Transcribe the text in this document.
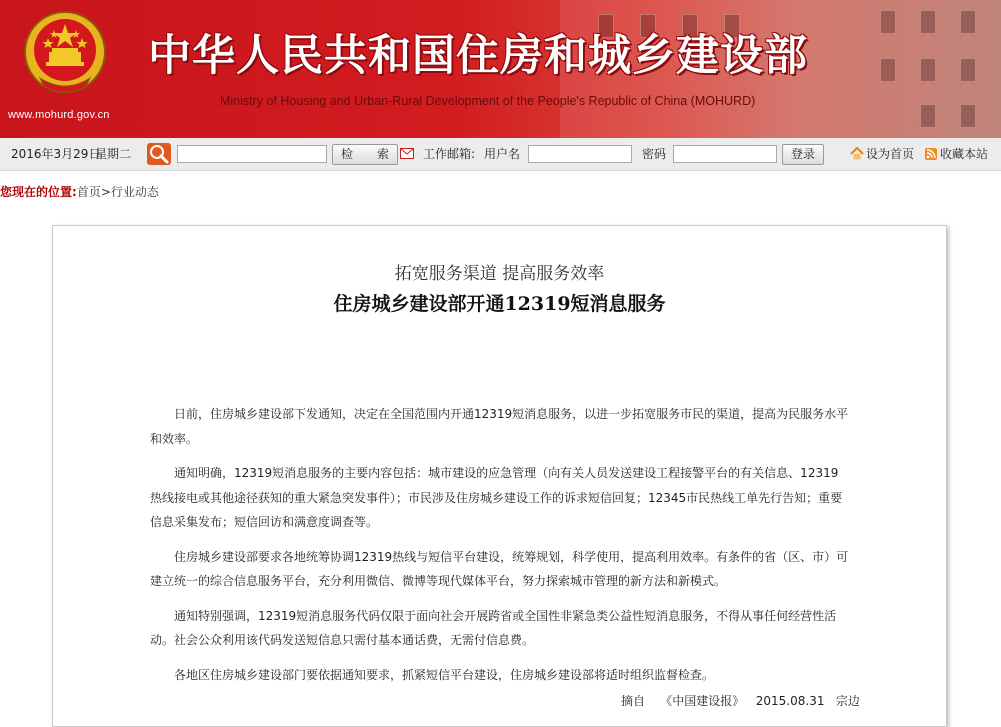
www.mohurd.gov.cn
中华人民共和国住房和城乡建设部
Ministry of Housing and Urban-Rural Development of the People's Republic of China (MOHURD)
2016年3月29日
星期二	检　　索	工作邮箱: 用户名	密码	登录	设为首页 收藏本站
您现在的位置:首页>行业动态
拓宽服务渠道 提高服务效率
住房城乡建设部开通12319短消息服务

日前，住房城乡建设部下发通知，决定在全国范围内开通12319短消息服务，以进一步拓宽服务市民的渠道，提高为民服务水平和效率。

通知明确，12319短消息服务的主要内容包括：城市建设的应急管理（向有关人员发送建设工程接警平台的有关信息、12319热线接电或其他途径获知的重大紧急突发事件）；市民涉及住房城乡建设工作的诉求短信回复；12345市民热线工单先行告知；重要信息采集发布；短信回访和满意度调查等。

住房城乡建设部要求各地统筹协调12319热线与短信平台建设，统筹规划，科学使用，提高利用效率。有条件的省（区、市）可建立统一的综合信息服务平台，充分利用微信、微博等现代媒体平台，努力探索城市管理的新方法和新模式。

通知特别强调，12319短消息服务代码仅限于面向社会开展跨省或全国性非紧急类公益性短消息服务，不得从事任何经营性活动。社会公众利用该代码发送短信息只需付基本通话费，无需付信息费。

各地区住房城乡建设部门要依据通知要求，抓紧短信平台建设，住房城乡建设部将适时组织监督检查。

摘自 《中国建设报》 2015.08.31 宗边
